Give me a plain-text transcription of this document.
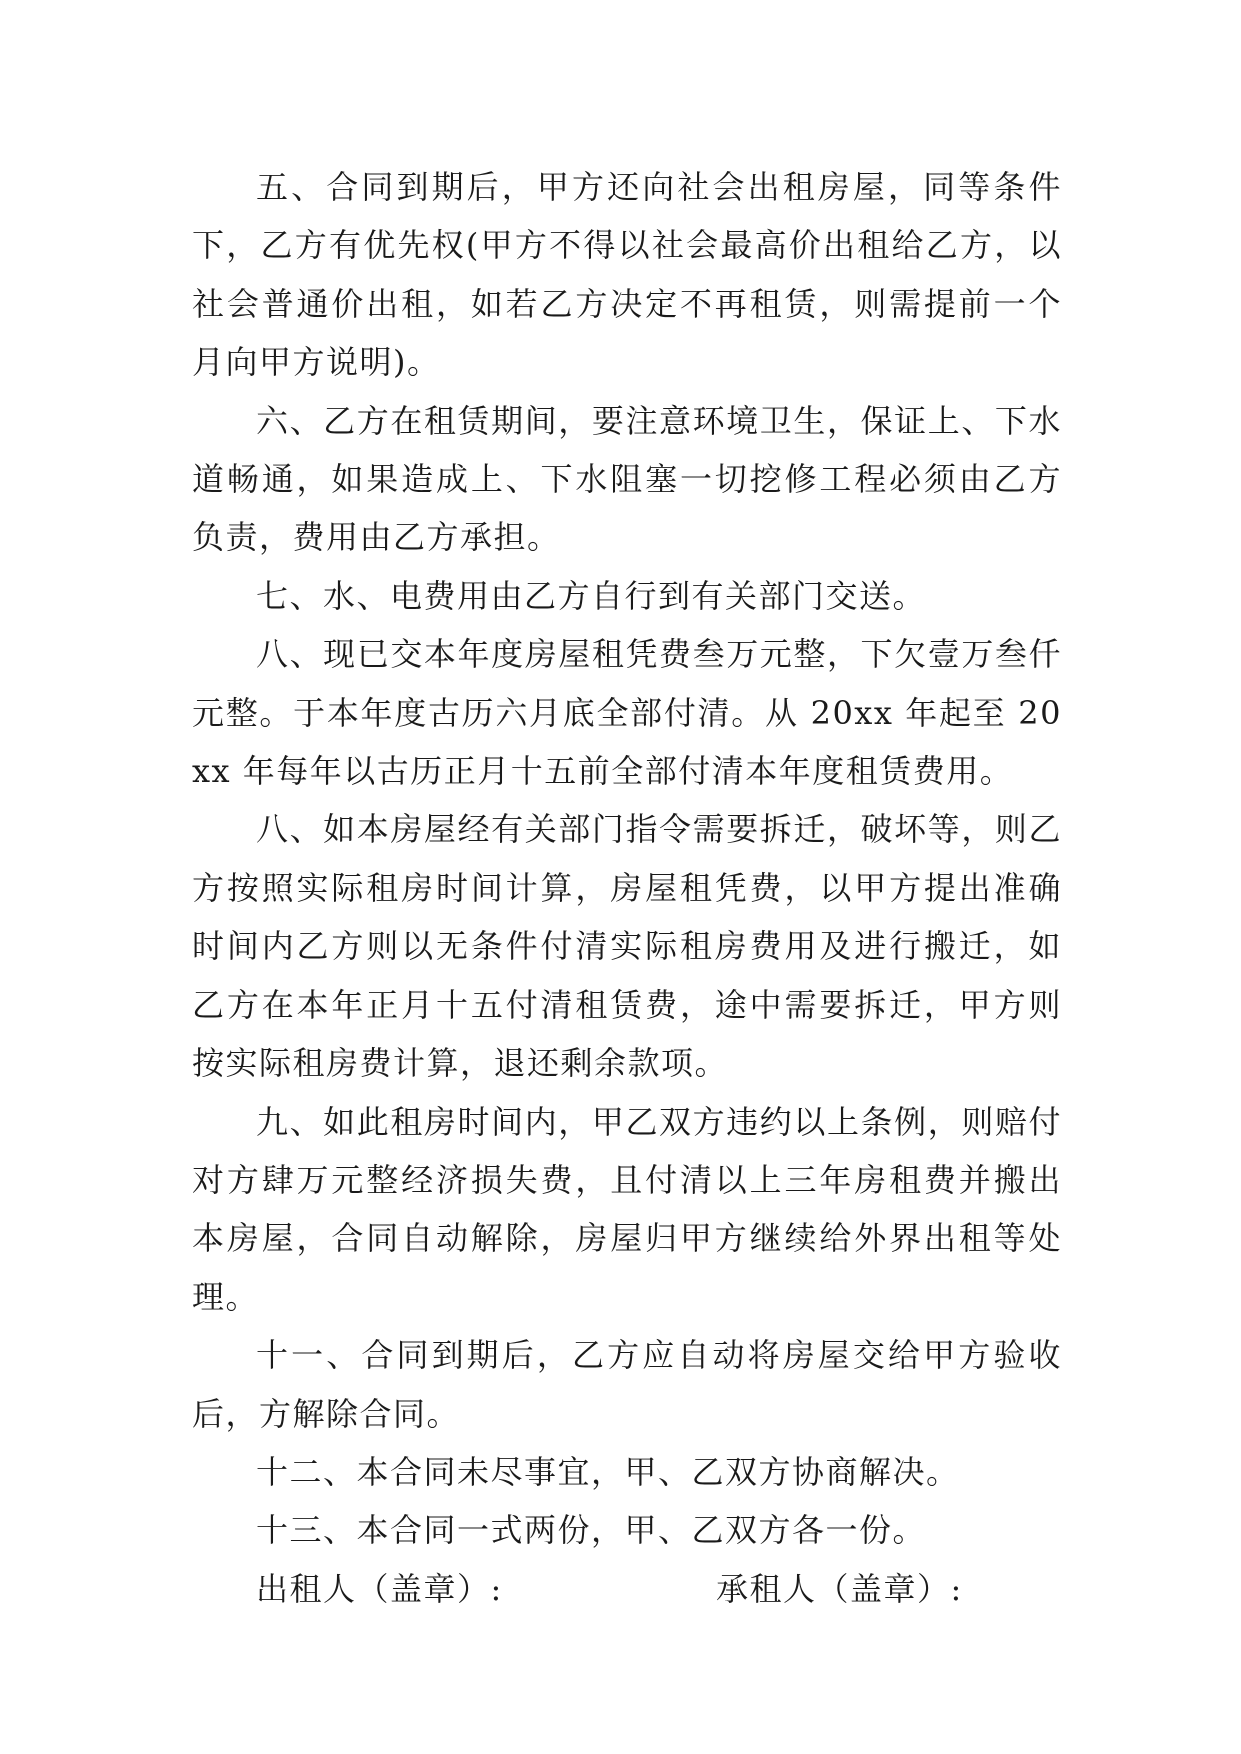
五、合同到期后，甲方还向社会出租房屋，同等条件下，乙方有优先权(甲方不得以社会最高价出租给乙方，以社会普通价出租，如若乙方决定不再租赁，则需提前一个月向甲方说明)。

六、乙方在租赁期间，要注意环境卫生，保证上、下水道畅通，如果造成上、下水阻塞一切挖修工程必须由乙方负责，费用由乙方承担。

七、水、电费用由乙方自行到有关部门交送。

八、现已交本年度房屋租凭费叁万元整，下欠壹万叁仟元整。于本年度古历六月底全部付清。从 20xx 年起至 20xx 年每年以古历正月十五前全部付清本年度租赁费用。

八、如本房屋经有关部门指令需要拆迁，破坏等，则乙方按照实际租房时间计算，房屋租凭费，以甲方提出准确时间内乙方则以无条件付清实际租房费用及进行搬迁，如乙方在本年正月十五付清租赁费，途中需要拆迁，甲方则按实际租房费计算，退还剩余款项。

九、如此租房时间内，甲乙双方违约以上条例，则赔付对方肆万元整经济损失费，且付清以上三年房租费并搬出本房屋，合同自动解除，房屋归甲方继续给外界出租等处理。

十一、合同到期后，乙方应自动将房屋交给甲方验收后，方解除合同。

十二、本合同未尽事宜，甲、乙双方协商解决。

十三、本合同一式两份，甲、乙双方各一份。

出租人（盖章）:	承租人（盖章）:
